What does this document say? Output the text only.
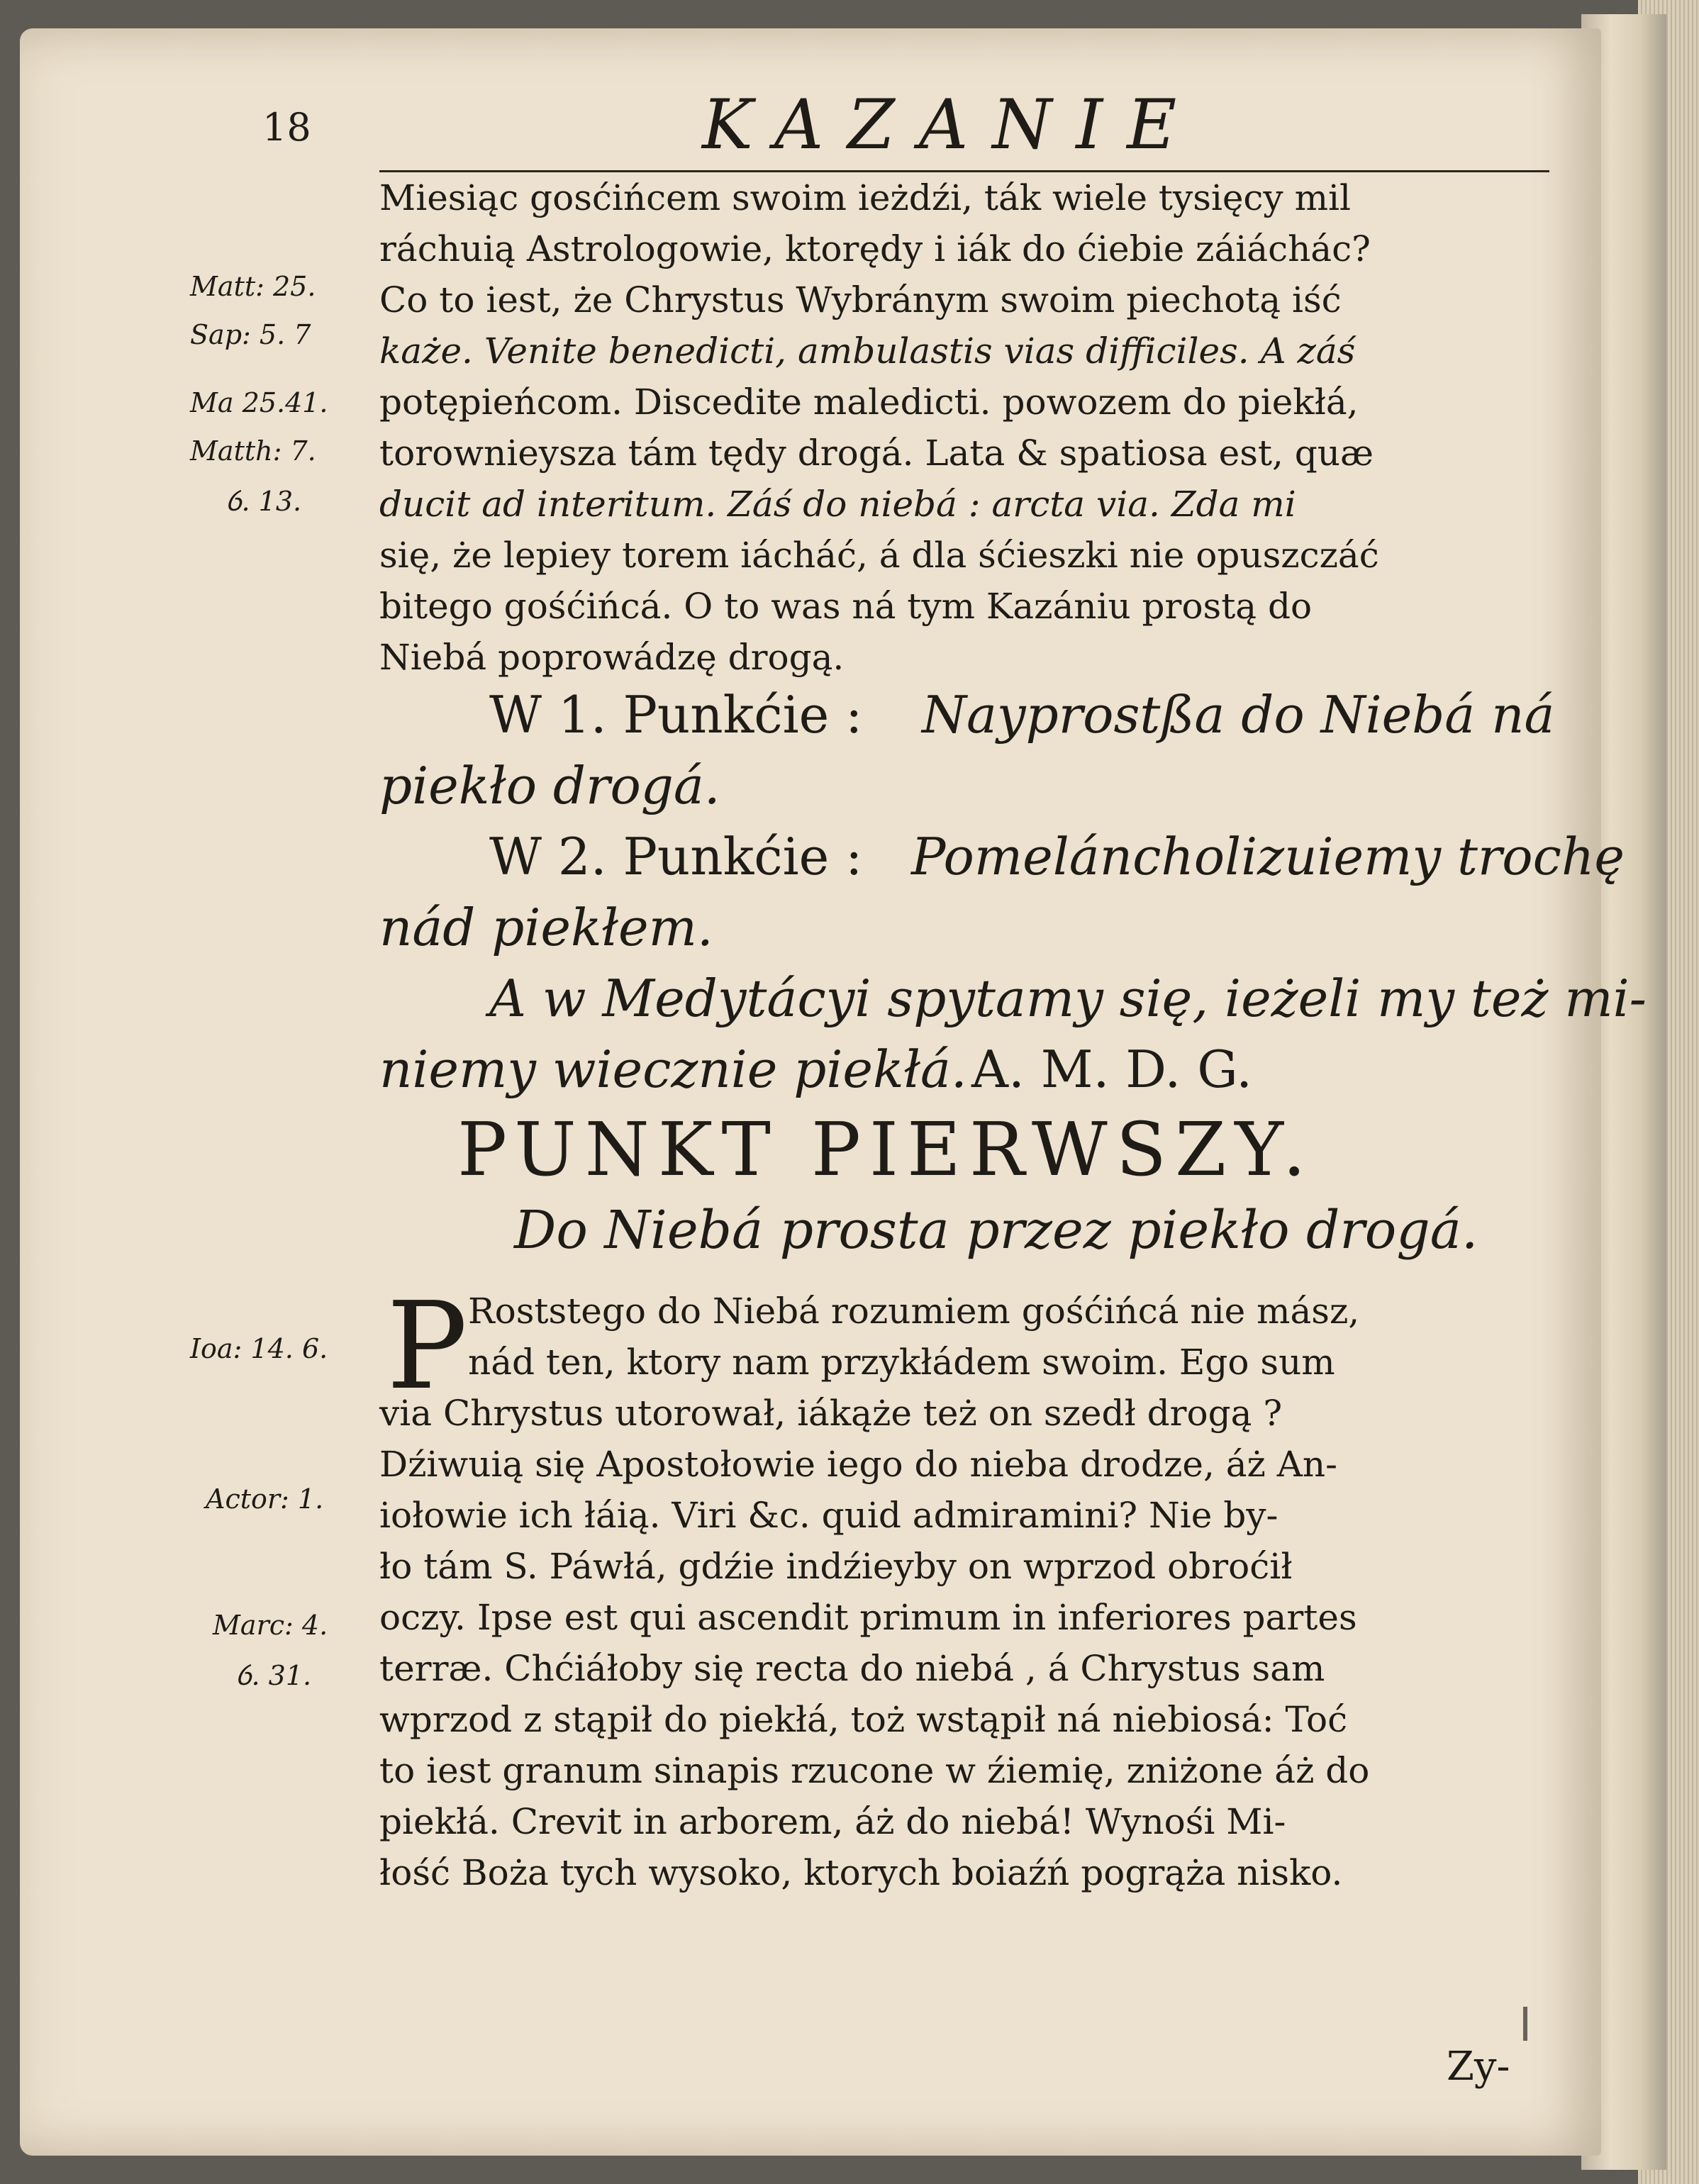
18	KAZANIE
Miesiąc gosćińcem swoim ieżdźi, ták wiele tysięcy mil
ráchuią Astrologowie, ktorędy i iák do ćiebie záiáchác?
Co to iest, że Chrystus Wybránym swoim piechotą iść
każe. Venite benedicti, ambulastis vias difficiles. A záś
potępieńcom. Discedite maledicti. powozem do piekłá,
torownieysza tám tędy drogá. Lata & spatiosa est, quæ
ducit ad interitum. Záś do niebá : arcta via. Zda mi
się, że lepiey torem iácháć, á dla śćieszki nie opuszczáć
bitego gośćińcá. O to was ná tym Kazániu prostą do
Niebá poprowádzę drogą.
W 1. Punkćie : Nayprostßa do Niebá ná
piekło drogá.
W 2. Punkćie : Pomeláncholizuiemy trochę
nád piekłem.
A w Medytácyi spytamy się, ieżeli my też mi-
niemy wiecznie piekłá. A. M. D. G.
PUNKT PIERWSZY.
Do Niebá prosta przez piekło drogá.
P Roststego do Niebá rozumiem gośćińcá nie mász,
nád ten, ktory nam przykłádem swoim. Ego sum
via Chrystus utorował, iákąże też on szedł drogą ?
Dźiwuią się Apostołowie iego do nieba drodze, áż An-
iołowie ich łáią. Viri &c. quid admiramini? Nie by-
ło tám S. Páwłá, gdźie indźieyby on wprzod obroćił
oczy. Ipse est qui ascendit primum in inferiores partes
terræ. Chćiáłoby się recta do niebá , á Chrystus sam
wprzod z stąpił do piekłá, toż wstąpił ná niebiosá: Toć
to iest granum sinapis rzucone w źiemię, zniżone áż do
piekłá. Crevit in arborem, áż do niebá! Wynośi Mi-
łość Boża tych wysoko, ktorych boiaźń pogrąża nisko.
Zy-
Matt: 25.
Sap: 5. 7
Ma 25.41.
Matth: 7.
ỽ. 13.
Ioa: 14. 6.
Actor: 1.
Marc: 4.
ỽ. 31.
